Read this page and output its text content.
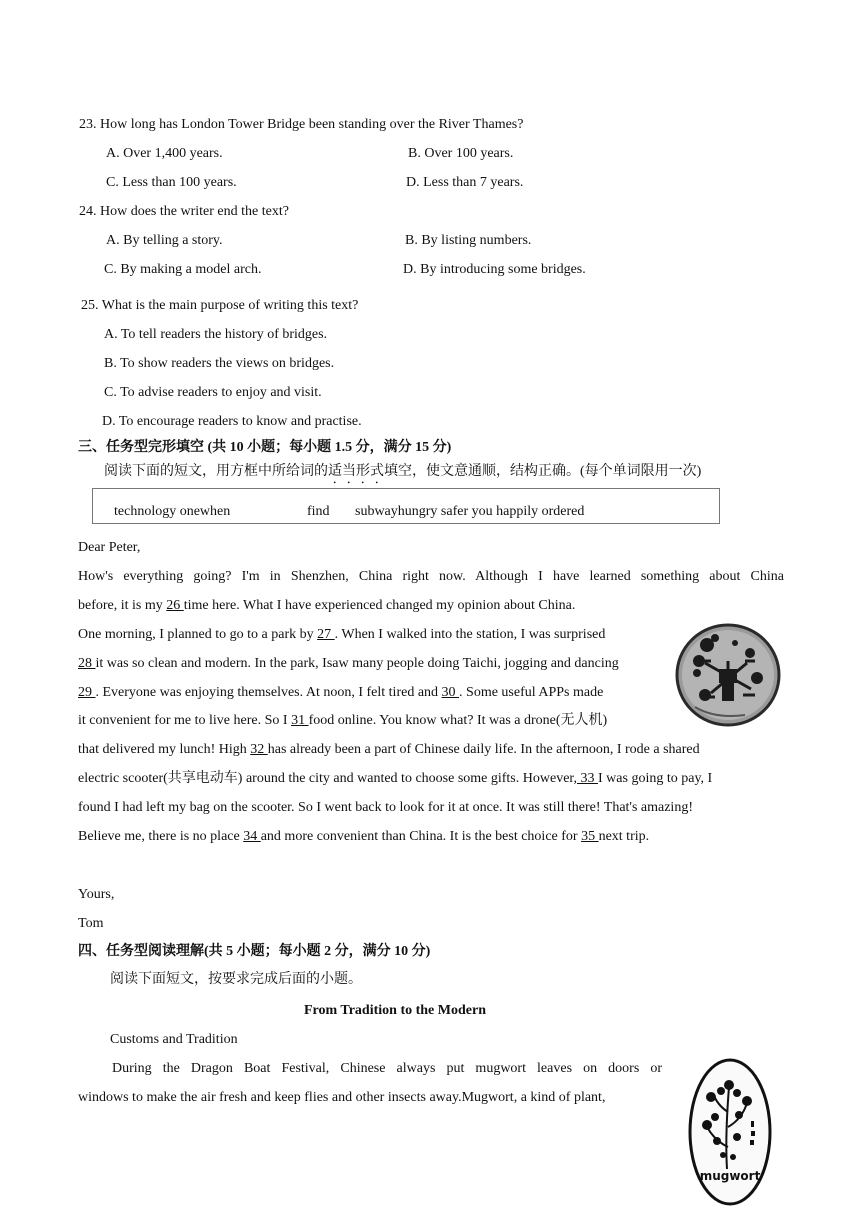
23. How long has London Tower Bridge been standing over the River Thames?
A. Over 1,400 years.	B. Over 100 years.
C. Less than 100 years.	D. Less than 7 years.
24. How does the writer end the text?
A. By telling a story.	B. By listing numbers.
C. By making a model arch.	D. By introducing some bridges.
25. What is the main purpose of writing this text?
A. To tell readers the history of bridges.
B. To show readers the views on bridges.
C. To advise readers to enjoy and visit.
D. To encourage readers to know and practise.
三、任务型完形填空 (共 10 小题；每小题 1.5 分，满分 15 分)
阅读下面的短文，用方框中所给词的适当形式填空，使文意通顺，结构正确。(每个单词限用一次)
technology onewhen	find subwayhungry safer you happily ordered
Dear Peter,
How's everything going? I'm in Shenzhen, China right now. Although I have learned something about China
before, it is my 26 time here. What I have experienced changed my opinion about China.
One morning, I planned to go to a park by 27 . When I walked into the station, I was surprised
28 it was so clean and modern. In the park, Isaw many people doing Taichi, jogging and dancing
29 . Everyone was enjoying themselves. At noon, I felt tired and 30 . Some useful APPs made
it convenient for me to live here. So I 31 food online. You know what? It was a drone(无人机)
that delivered my lunch! High 32 has already been a part of Chinese daily life. In the afternoon, I rode a shared
electric scooter(共享电动车) around the city and wanted to choose some gifts. However, 33 I was going to pay, I
found I had left my bag on the scooter. So I went back to look for it at once. It was still there! That's amazing!
Believe me, there is no place 34 and more convenient than China. It is the best choice for 35 next trip.
Yours,
Tom
四、任务型阅读理解(共 5 小题；每小题 2 分，满分 10 分)
阅读下面短文，按要求完成后面的小题。
From Tradition to the Modern
Customs and Tradition
During the Dragon Boat Festival, Chinese always put mugwort leaves on doors or
windows to make the air fresh and keep flies and other insects away.Mugwort, a kind of plant,
mugwort
